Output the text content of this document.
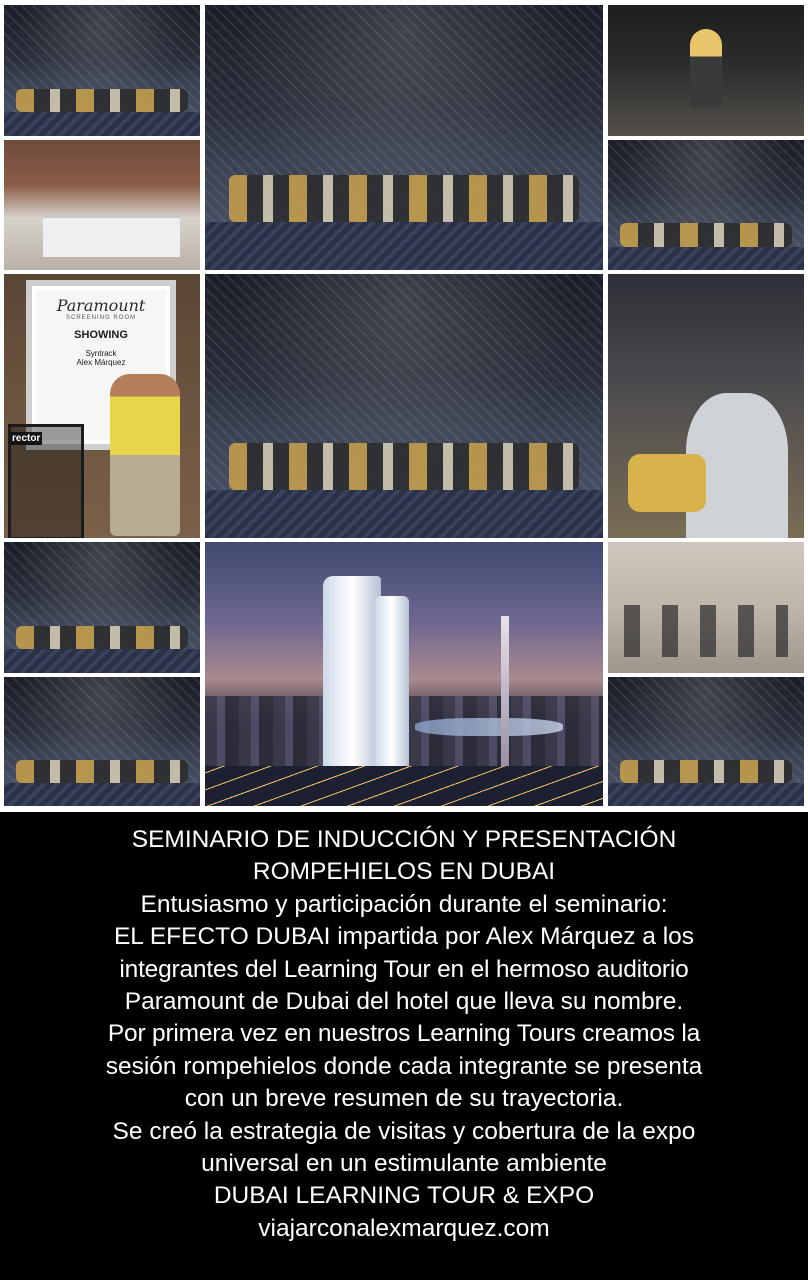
Paramount
SCREENING ROOM
SHOWING
Syntrack
Alex Márquez
rector
SEMINARIO DE INDUCCIÓN Y PRESENTACIÓN
ROMPEHIELOS EN DUBAI
Entusiasmo y participación durante el seminario:
EL EFECTO DUBAI impartida por Alex Márquez a los
integrantes del Learning Tour en el hermoso auditorio
Paramount de Dubai del hotel que lleva su nombre.
Por primera vez en nuestros Learning Tours creamos la
sesión rompehielos donde cada integrante se presenta
con un breve resumen de su trayectoria.
Se creó la estrategia de visitas y cobertura de la expo
universal en un estimulante ambiente
DUBAI LEARNING TOUR & EXPO
viajarconalexmarquez.com
